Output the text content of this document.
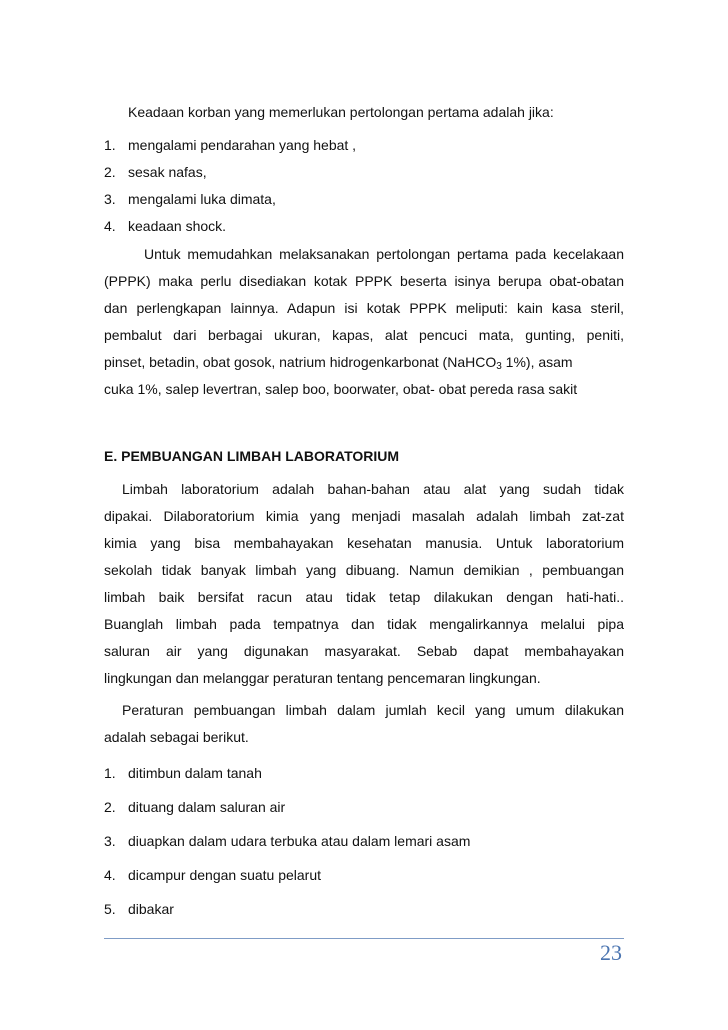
Keadaan korban yang memerlukan pertolongan pertama adalah jika:
1. mengalami pendarahan yang hebat ,
2. sesak nafas,
3. mengalami luka dimata,
4. keadaan shock.
Untuk memudahkan melaksanakan pertolongan pertama pada kecelakaan
(PPPK) maka perlu disediakan kotak PPPK beserta isinya berupa obat-obatan
dan perlengkapan lainnya. Adapun isi kotak PPPK meliputi: kain kasa steril,
pembalut dari berbagai ukuran, kapas, alat pencuci mata, gunting, peniti,
pinset, betadin, obat gosok, natrium hidrogenkarbonat (NaHCO$_3$ 1%), asam
cuka 1%, salep levertran, salep boo, boorwater, obat- obat pereda rasa sakit
E. PEMBUANGAN LIMBAH LABORATORIUM
Limbah laboratorium adalah bahan-bahan atau alat yang sudah tidak
dipakai. Dilaboratorium kimia yang menjadi masalah adalah limbah zat-zat
kimia yang bisa membahayakan kesehatan manusia. Untuk laboratorium
sekolah tidak banyak limbah yang dibuang. Namun demikian , pembuangan
limbah baik bersifat racun atau tidak tetap dilakukan dengan hati-hati..
Buanglah limbah pada tempatnya dan tidak mengalirkannya melalui pipa
saluran air yang digunakan masyarakat. Sebab dapat membahayakan
lingkungan dan melanggar peraturan tentang pencemaran lingkungan.
Peraturan pembuangan limbah dalam jumlah kecil yang umum dilakukan
adalah sebagai berikut.
1. ditimbun dalam tanah
2. dituang dalam saluran air
3. diuapkan dalam udara terbuka atau dalam lemari asam
4. dicampur dengan suatu pelarut
5. dibakar
23
